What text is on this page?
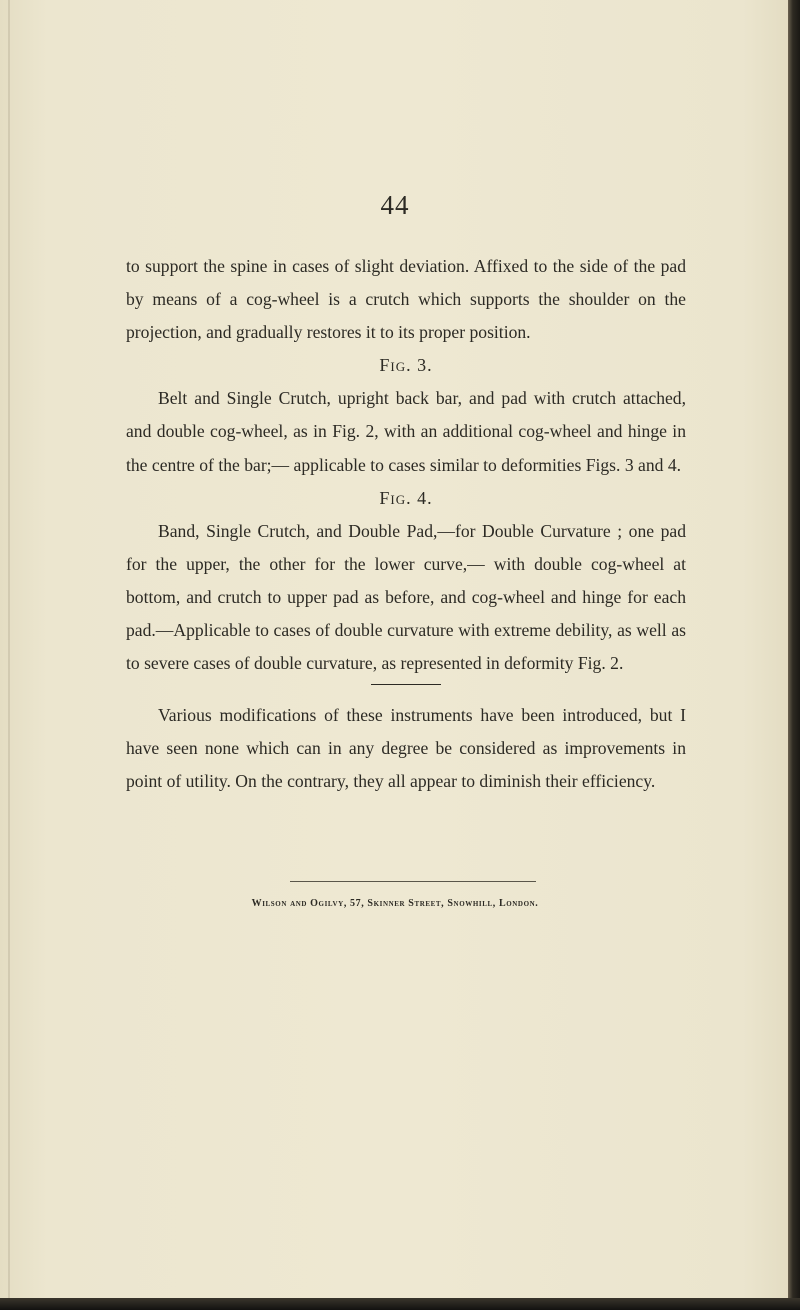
44

to support the spine in cases of slight deviation. Affixed to the side of the pad by means of a cog-wheel is a crutch which supports the shoulder on the projection, and gradually restores it to its proper position.

Fig. 3.

Belt and Single Crutch, upright back bar, and pad with crutch attached, and double cog-wheel, as in Fig. 2, with an additional cog-wheel and hinge in the centre of the bar;— applicable to cases similar to deformities Figs. 3 and 4.

Fig. 4.

Band, Single Crutch, and Double Pad,—for Double Curvature ; one pad for the upper, the other for the lower curve,— with double cog-wheel at bottom, and crutch to upper pad as before, and cog-wheel and hinge for each pad.—Applicable to cases of double curvature with extreme debility, as well as to severe cases of double curvature, as represented in deformity Fig. 2.

Various modifications of these instruments have been introduced, but I have seen none which can in any degree be considered as improvements in point of utility. On the contrary, they all appear to diminish their efficiency.

Wilson and Ogilvy, 57, Skinner Street, Snowhill, London.
